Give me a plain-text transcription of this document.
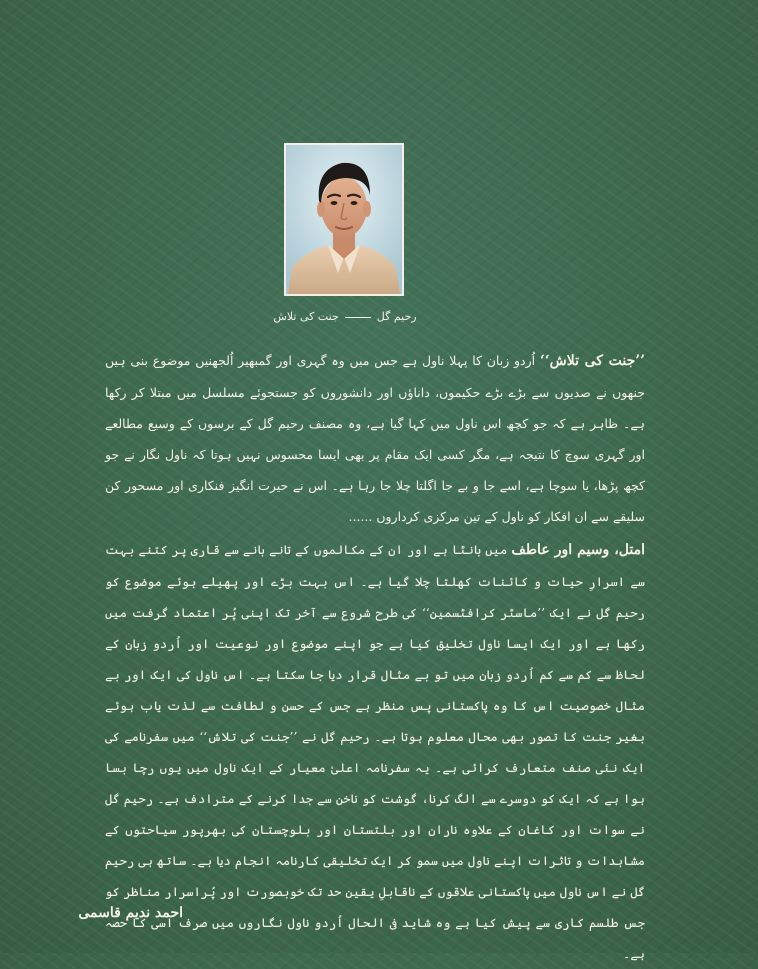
رحیم گلجنت کی تلاش
’’جنت کی تلاش‘‘ اُردو زبان کا پہلا ناول ہے جس میں وہ گہری اور گمبھیر اُلجھنیں موضوع بنی ہیں جنھوں نے صدیوں سے بڑے بڑے حکیموں، داناؤں اور دانشوروں کو جستجوئے مسلسل میں مبتلا کر رکھا ہے۔ ظاہر ہے کہ جو کچھ اس ناول میں کہا گیا ہے، وہ مصنف رحیم گل کے برسوں کے وسیع مطالعے اور گہری سوچ کا نتیجہ ہے، مگر کسی ایک مقام پر بھی ایسا محسوس نہیں ہوتا کہ ناول نگار نے جو کچھ پڑھا، یا سوچا ہے، اسے جا و بے جا اگلتا چلا جا رہا ہے۔ اس نے حیرت انگیز فنکاری اور مسحور کن سلیقے سے ان افکار کو ناول کے تین مرکزی کرداروں ......
امتل، وسیم اور عاطف میں بانٹا ہے اور ان کے مکالموں کے تانے بانے سے قاری پر کتنے بہت سے اسرارِ حیات و کائنات کھلتا چلا گیا ہے۔ اس بہت بڑے اور پھیلے ہوئے موضوع کو رحیم گل نے ایک ’’ماسٹر کرافٹسمین‘‘ کی طرح شروع سے آخر تک اپنی پُر اعتماد گرفت میں رکھا ہے اور ایک ایسا ناول تخلیق کیا ہے جو اپنے موضوع اور نوعیت اور اُردو زبان کے لحاظ سے کم سے کم اُردو زبان میں تو بے مثال قرار دیا جا سکتا ہے۔ اس ناول کی ایک اور بے مثال خصوصیت اس کا وہ پاکستانی پس منظر ہے جس کے حسن و لطافت سے لذت یاب ہوئے بغیر جنت کا تصور بھی محال معلوم ہوتا ہے۔ رحیم گل نے ’’جنت کی تلاش‘‘ میں سفرنامے کی ایک نئی صنف متعارف کرائی ہے۔ یہ سفرنامہ اعلیٰ معیار کے ایک ناول میں یوں رچا بسا ہوا ہے کہ ایک کو دوسرے سے الگ کرنا، گوشت کو ناخن سے جدا کرنے کے مترادف ہے۔ رحیم گل نے سوات اور کاغان کے علاوہ ناران اور بلتستان اور بلوچستان کی بھرپور سیاحتوں کے مشاہدات و تاثرات اپنے ناول میں سمو کر ایک تخلیقی کارنامہ انجام دیا ہے۔ ساتھ ہی رحیم گل نے اس ناول میں پاکستانی علاقوں کے ناقابلِ یقین حد تک خوبصورت اور پُراسرار مناظر کو جس طلسم کاری سے پیش کیا ہے وہ شاید فی الحال اُردو ناول نگاروں میں صرف اسی کا حصہ ہے۔
احمد ندیم قاسمی
